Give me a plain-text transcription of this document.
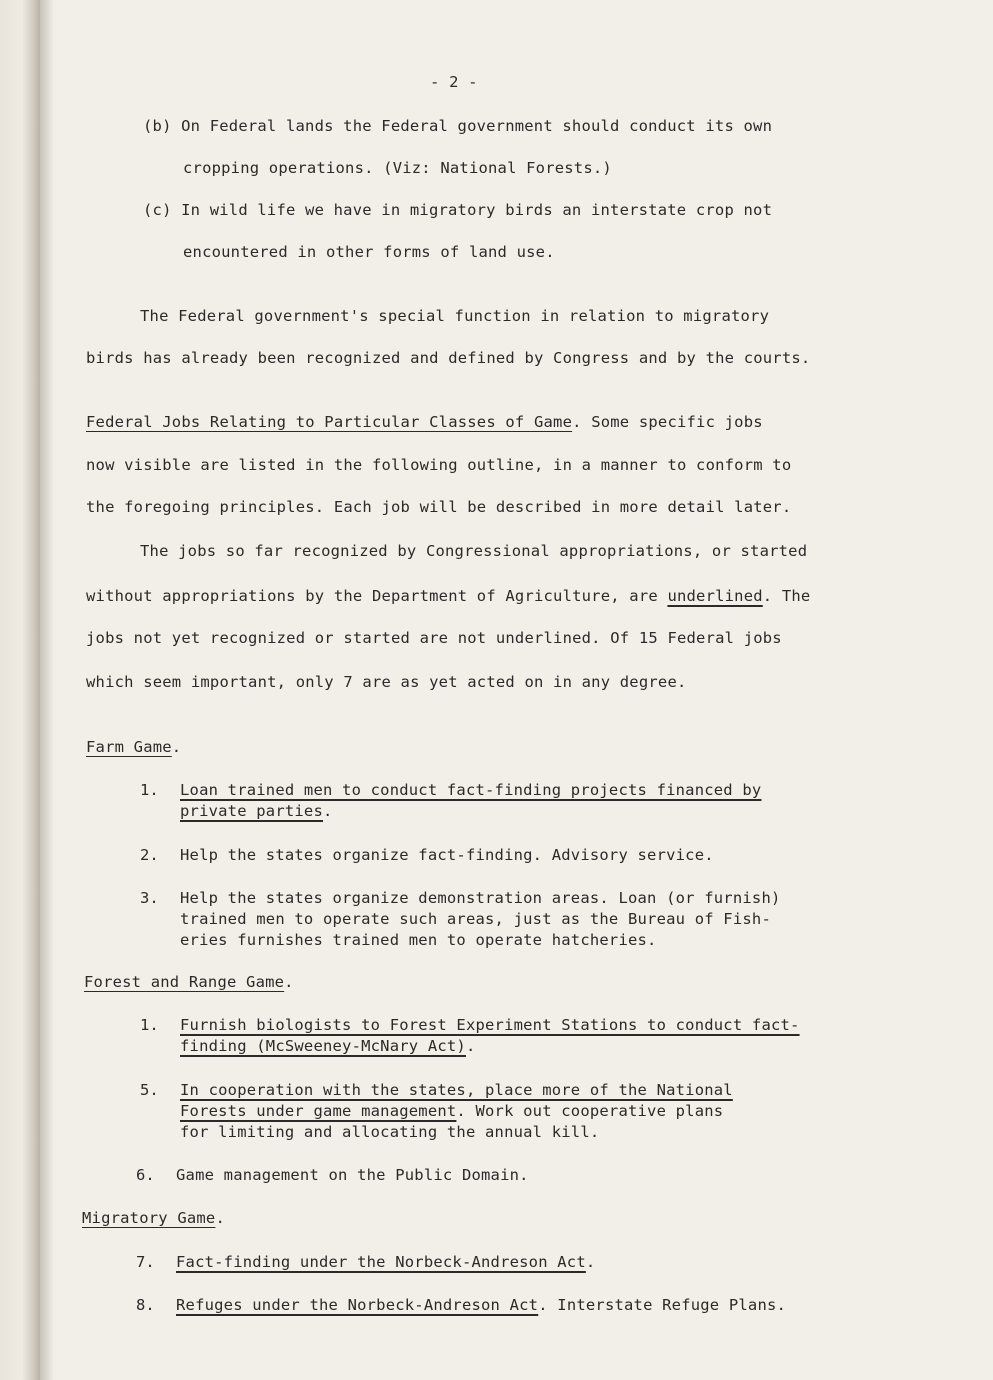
- 2 -
(b) On Federal lands the Federal government should conduct its own
cropping operations. (Viz: National Forests.)
(c) In wild life we have in migratory birds an interstate crop not
encountered in other forms of land use.
The Federal government's special function in relation to migratory
birds has already been recognized and defined by Congress and by the courts.
Federal Jobs Relating to Particular Classes of Game. Some specific jobs
now visible are listed in the following outline, in a manner to conform to
the foregoing principles. Each job will be described in more detail later.
The jobs so far recognized by Congressional appropriations, or started
without appropriations by the Department of Agriculture, are underlined. The
jobs not yet recognized or started are not underlined. Of 15 Federal jobs
which seem important, only 7 are as yet acted on in any degree.
Farm Game.
1. Loan trained men to conduct fact-finding projects financed by
private parties.
2. Help the states organize fact-finding. Advisory service.
3. Help the states organize demonstration areas. Loan (or furnish)
trained men to operate such areas, just as the Bureau of Fish-
eries furnishes trained men to operate hatcheries.
Forest and Range Game.
1. Furnish biologists to Forest Experiment Stations to conduct fact-
finding (McSweeney-McNary Act).
5. In cooperation with the states, place more of the National
Forests under game management. Work out cooperative plans
for limiting and allocating the annual kill.
6. Game management on the Public Domain.
Migratory Game.
7. Fact-finding under the Norbeck-Andreson Act.
8. Refuges under the Norbeck-Andreson Act. Interstate Refuge Plans.
